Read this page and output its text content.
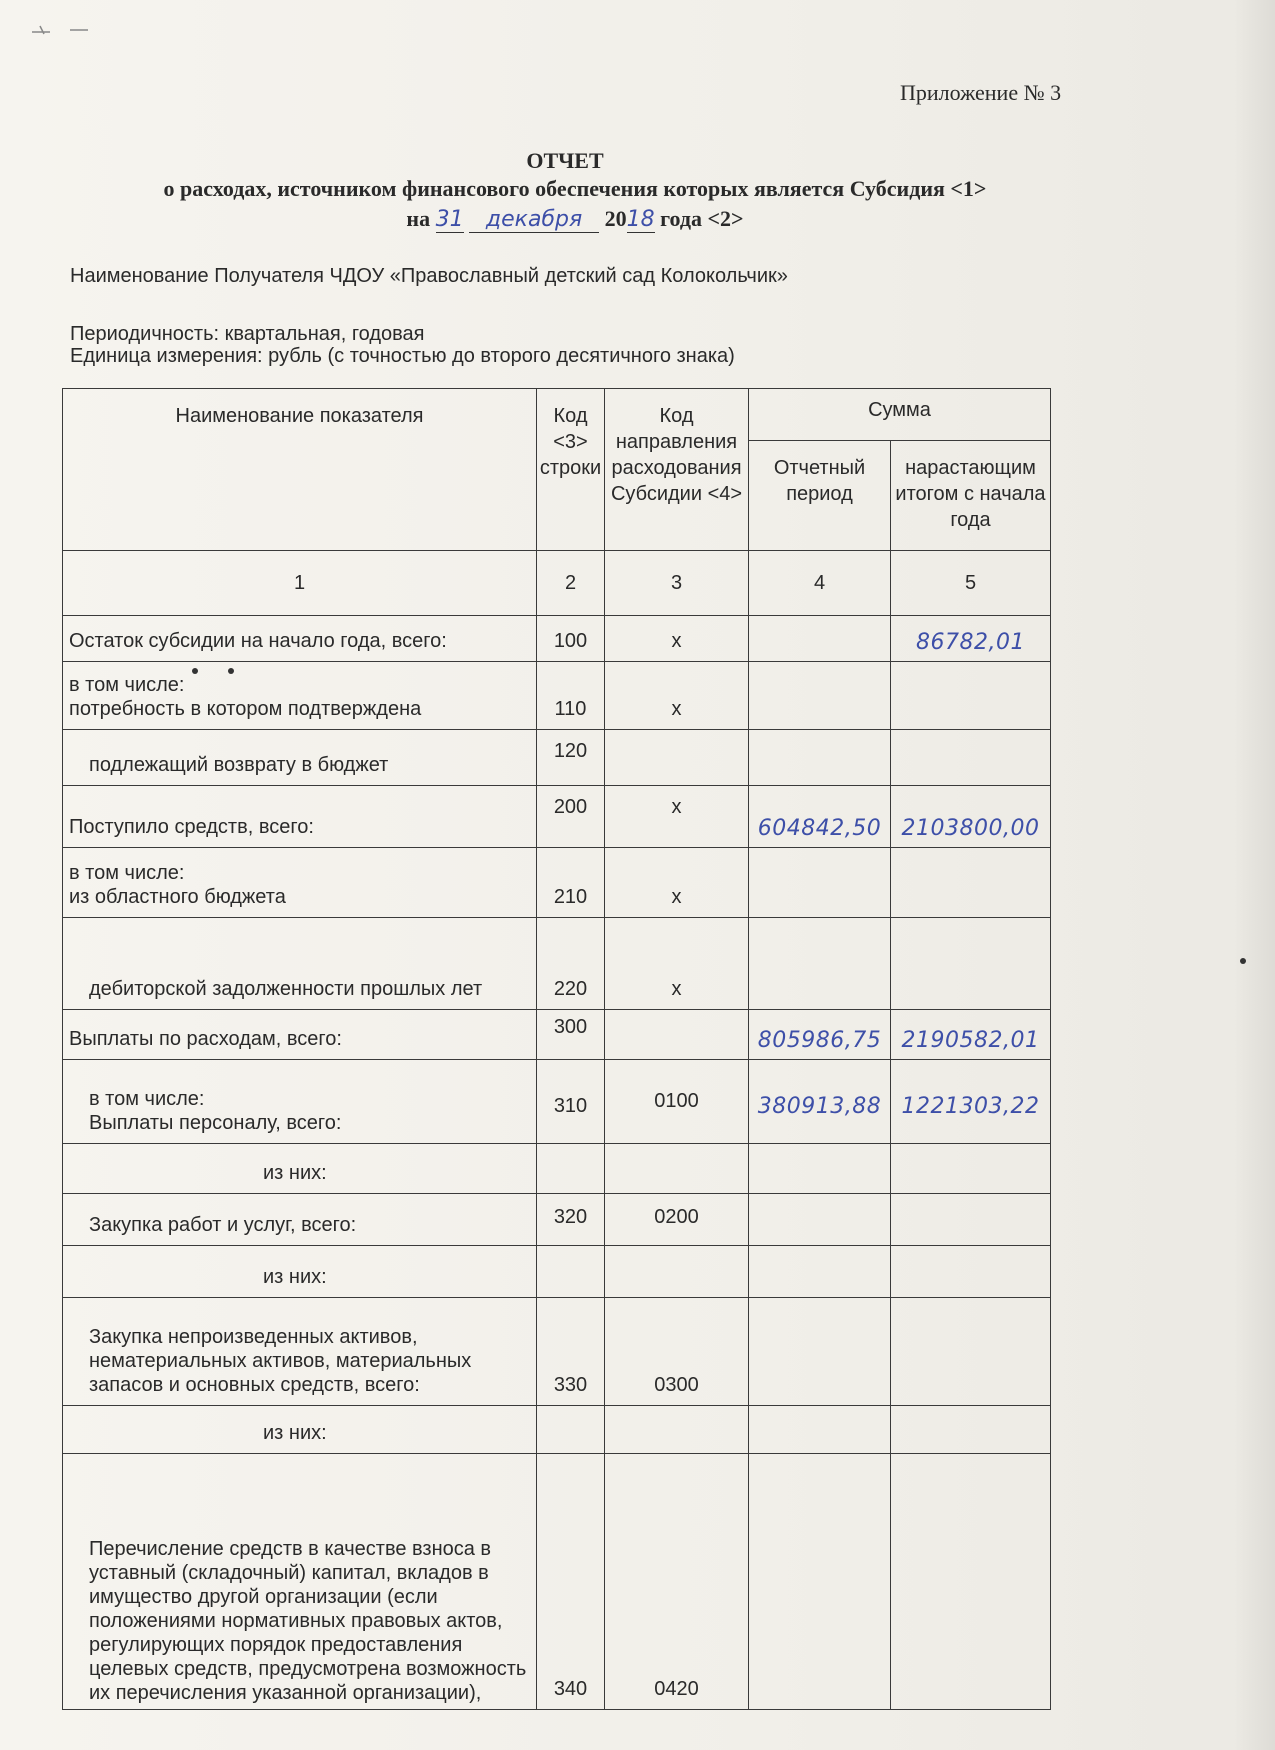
Приложение № 3
ОТЧЕТ
о расходах, источником финансового обеспечения которых является Субсидия <1>
на 31 декабря 2018 года <2>
Наименование Получателя ЧДОУ «Православный детский сад Колокольчик»
Периодичность: квартальная, годовая
Единица измерения: рубль (с точностью до второго десятичного знака)
Наименование показателя	Код <3> строки	Код направления расходования Субсидии <4>	Сумма	
			Отчетный период	нарастающим итогом с начала года
1	2	3	4	5
Остаток субсидии на начало года, всего:	100	x		86782,01
в том числе:
потребность в котором подтверждена	110	x		
подлежащий возврату в бюджет	120			
Поступило средств, всего:	200	x	604842,50	2103800,00
в том числе:
из областного бюджета	210	x		
дебиторской задолженности прошлых лет	220	x		
Выплаты по расходам, всего:	300		805986,75	2190582,01
в том числе:
Выплаты персоналу, всего:	310	0100	380913,88	1221303,22
из них:				
Закупка работ и услуг, всего:	320	0200		
из них:				
Закупка непроизведенных активов, нематериальных активов, материальных запасов и основных средств, всего:	330	0300		
из них:				
Перечисление средств в качестве взноса в уставный (складочный) капитал, вкладов в имущество другой организации (если положениями нормативных правовых актов, регулирующих порядок предоставления целевых средств, предусмотрена возможность их перечисления указанной организации),	340	0420		
